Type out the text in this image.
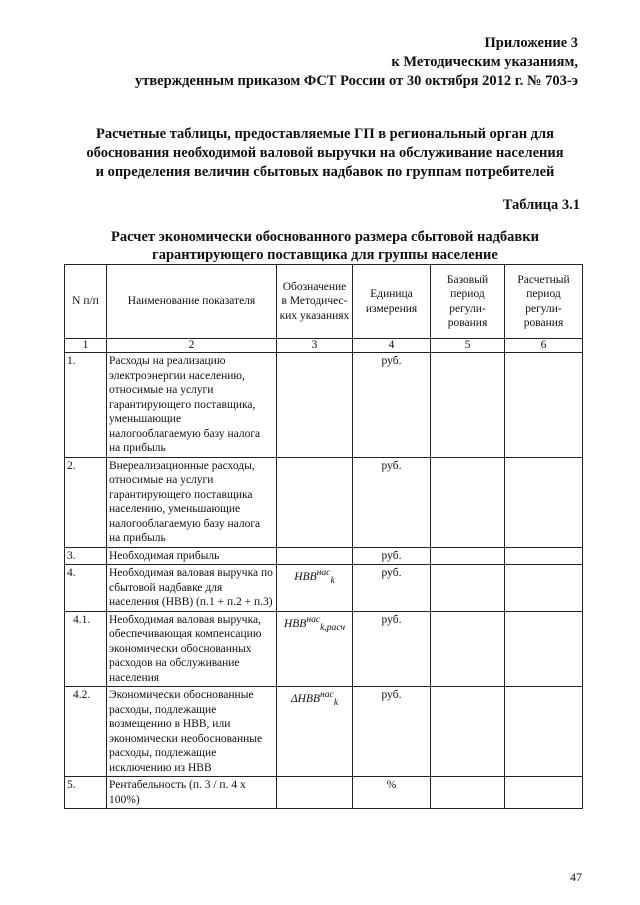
Приложение 3
к Методическим указаниям,
утвержденным приказом ФСТ России от 30 октября 2012 г. № 703-э
Расчетные таблицы, предоставляемые ГП в региональный орган для
обоснования необходимой валовой выручки на обслуживание населения
и определения величин сбытовых надбавок по группам потребителей
Таблица 3.1
Расчет экономически обоснованного размера сбытовой надбавки
гарантирующего поставщика для группы население
N п/п	Наименование показателя	Обозначение в Методичес-ких указаниях	Единица измерения	Базовый период регули-рования	Расчетный период регули-рования
1	2	3	4	5	6
1.	Расходы на реализацию электроэнергии населению, относимые на услуги гарантирующего поставщика, уменьшающие налогооблагаемую базу налога на прибыль		руб.		
2.	Внереализационные расходы, относимые на услуги гарантирующего поставщика населению, уменьшающие налогооблагаемую базу налога на прибыль		руб.		
3.	Необходимая прибыль		руб.		
4.	Необходимая валовая выручка по сбытовой надбавке для населения (НВВ) (п.1 + п.2 + п.3)	$НВВ^{нас}_k$	руб.		
4.1.	Необходимая валовая выручка, обеспечивающая компенсацию экономически обоснованных расходов на обслуживание населения	$НВВ^{нас}_{k,расч}$	руб.		
4.2.	Экономически обоснованные расходы, подлежащие возмещению в НВВ, или экономически необоснованные расходы, подлежащие исключению из НВВ	$\Delta НВВ^{нас}_k$	руб.		
5.	Рентабельность (п. 3 / п. 4 х 100%)		%		
47
